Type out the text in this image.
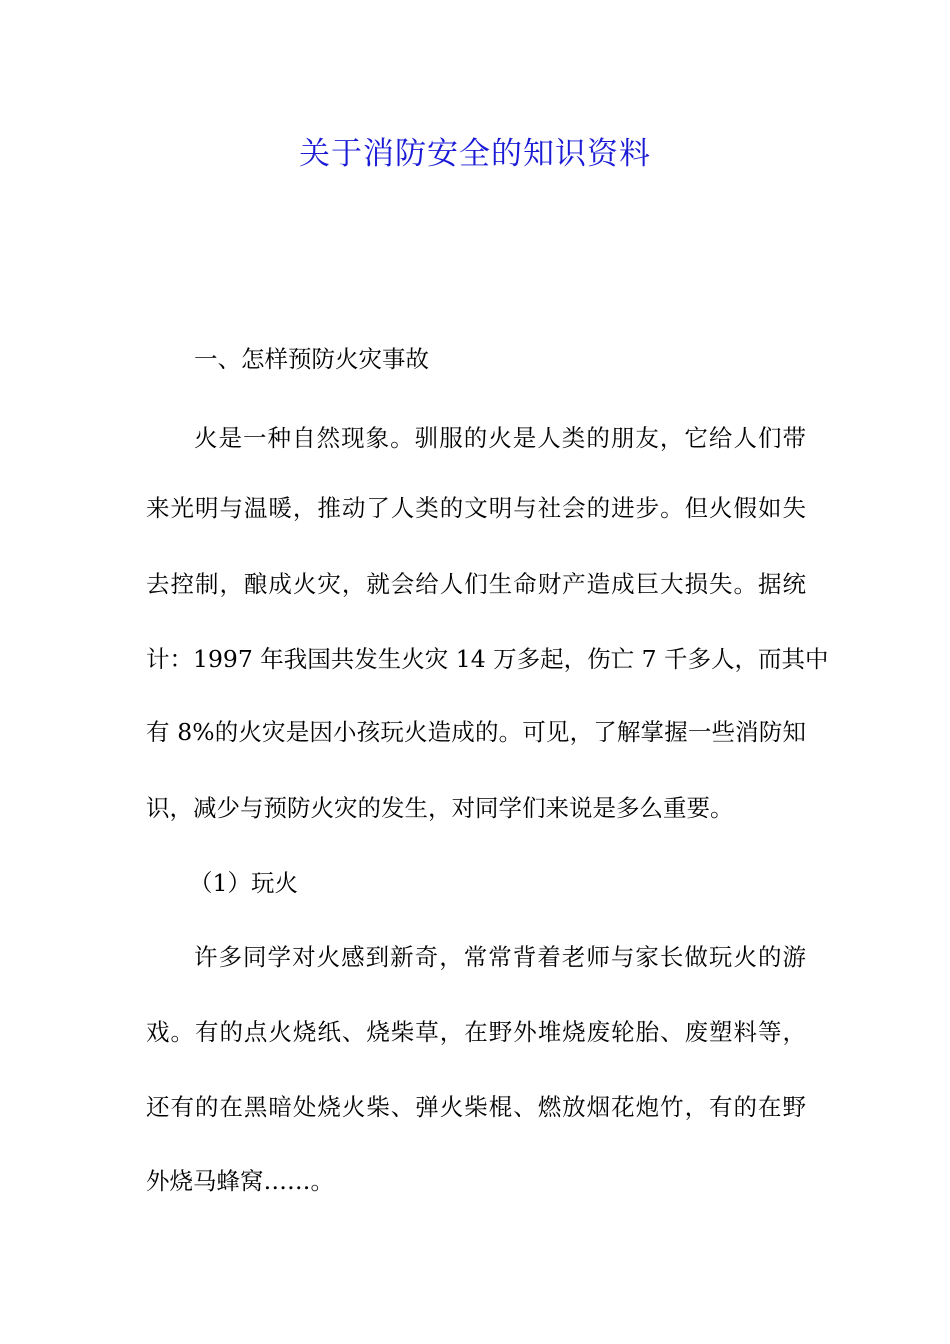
关于消防安全的知识资料

一、怎样预防火灾事故

火是一种自然现象。驯服的火是人类的朋友，它给人们带

来光明与温暖，推动了人类的文明与社会的进步。但火假如失

去控制，酿成火灾，就会给人们生命财产造成巨大损失。据统

计：1997 年我国共发生火灾 14 万多起，伤亡 7 千多人，而其中

有 8%的火灾是因小孩玩火造成的。可见，了解掌握一些消防知

识，减少与预防火灾的发生，对同学们来说是多么重要。

（1）玩火

许多同学对火感到新奇，常常背着老师与家长做玩火的游

戏。有的点火烧纸、烧柴草，在野外堆烧废轮胎、废塑料等，

还有的在黑暗处烧火柴、弹火柴棍、燃放烟花炮竹，有的在野

外烧马蜂窝……。
